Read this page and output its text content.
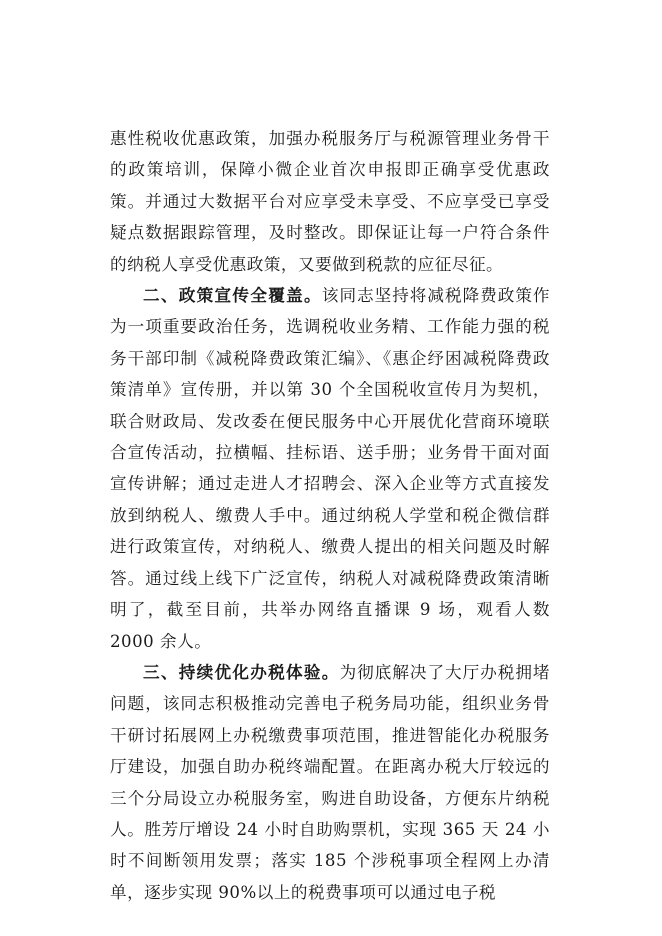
惠性税收优惠政策，加强办税服务厅与税源管理业务骨干的政策培训，保障小微企业首次申报即正确享受优惠政策。并通过大数据平台对应享受未享受、不应享受已享受疑点数据跟踪管理，及时整改。即保证让每一户符合条件的纳税人享受优惠政策，又要做到税款的应征尽征。

二、政策宣传全覆盖。该同志坚持将减税降费政策作为一项重要政治任务，选调税收业务精、工作能力强的税务干部印制《减税降费政策汇编》、《惠企纾困减税降费政策清单》宣传册，并以第 30 个全国税收宣传月为契机，联合财政局、发改委在便民服务中心开展优化营商环境联合宣传活动，拉横幅、挂标语、送手册；业务骨干面对面宣传讲解；通过走进人才招聘会、深入企业等方式直接发放到纳税人、缴费人手中。通过纳税人学堂和税企微信群进行政策宣传，对纳税人、缴费人提出的相关问题及时解答。通过线上线下广泛宣传，纳税人对减税降费政策清晰明了，截至目前，共举办网络直播课 9 场，观看人数 2000 余人。

三、持续优化办税体验。为彻底解决了大厅办税拥堵问题，该同志积极推动完善电子税务局功能，组织业务骨干研讨拓展网上办税缴费事项范围，推进智能化办税服务厅建设，加强自助办税终端配置。在距离办税大厅较远的三个分局设立办税服务室，购进自助设备，方便东片纳税人。胜芳厅增设 24 小时自助购票机，实现 365 天 24 小时不间断领用发票；落实 185 个涉税事项全程网上办清单，逐步实现 90%以上的税费事项可以通过电子税
